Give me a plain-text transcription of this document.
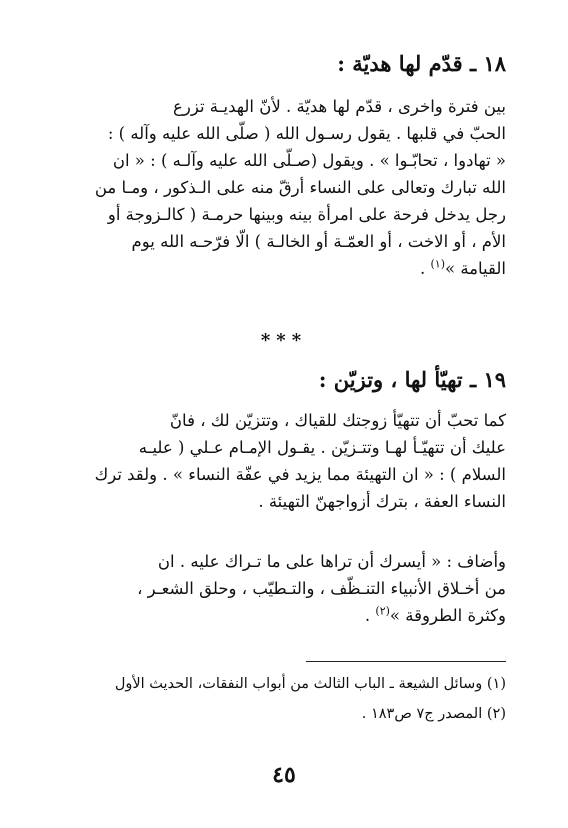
١٨ ـ قدّم لها هديّة :
بين فترة واخرى ، قدّم لها هديّة . لأنّ الهديـة تزرع
الحبّ في قلبها . يقول رسـول الله ( صلّى الله عليه وآله ) :
« تهادوا ، تحابّـوا » . ويقول (صـلّى الله عليه وآلـه ) : « ان
الله تبارك وتعالى على النساء أرقّ منه على الـذكور ، ومـا من
رجل يدخل فرحة على امرأة بينه وبينها حرمـة ( كالـزوجة أو
الأم ، أو الاخت ، أو العمّـة أو الخالـة ) الّا فرّحـه الله يوم
القيامة »$^{(١)}$ .
***
١٩ ـ تهيّأ لها ، وتزيّن :
كما تحبّ أن تتهيّأ زوجتك للقياك ، وتتزيّن لك ، فانّ
عليك أن تتهيّـأ لهـا وتتـزيّن . يقـول الإمـام عـلي ( عليـه
السلام ) : « ان التهيئة مما يزيد في عفّة النساء » . ولقد ترك
النساء العفة ، بترك أزواجهنّ التهيئة .
وأضاف : « أيسرك أن تراها على ما تـراك عليه . ان
من أخـلاق الأنبياء التنـظّف ، والتـطيّب ، وحلق الشعـر ،
وكثرة الطروقة »$^{(٢)}$ .
(١) وسائل الشيعة ـ الباب الثالث من أبواب النفقات، الحديث الأول
(٢) المصدر ج٧ ص١٨٣ .
٤٥
